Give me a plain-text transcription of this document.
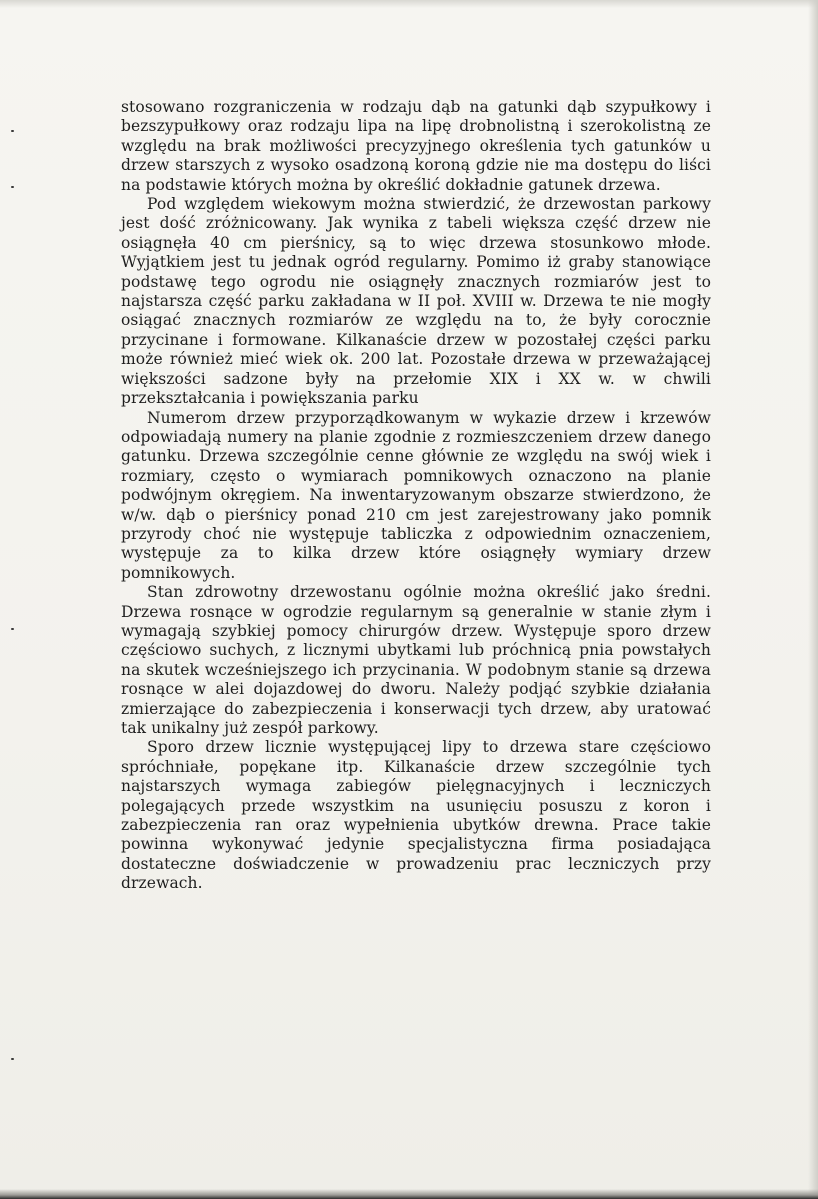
stosowano rozgraniczenia w rodzaju dąb na gatunki dąb szypułkowy i bezszypułkowy oraz rodzaju lipa na lipę drobnolistną i szerokolistną ze względu na brak możliwości precyzyjnego określenia tych gatunków u drzew starszych z wysoko osadzoną koroną gdzie nie ma dostępu do liści na podstawie których można by określić dokładnie gatunek drzewa.

Pod względem wiekowym można stwierdzić, że drzewostan parkowy jest dość zróżnicowany. Jak wynika z tabeli większa część drzew nie osiągnęła 40 cm pierśnicy, są to więc drzewa stosunkowo młode. Wyjątkiem jest tu jednak ogród regularny. Pomimo iż graby stanowiące podstawę tego ogrodu nie osiągnęły znacznych rozmiarów jest to najstarsza część parku zakładana w II poł. XVIII w. Drzewa te nie mogły osiągać znacznych rozmiarów ze względu na to, że były corocznie przycinane i formowane. Kilkanaście drzew w pozostałej części parku może również mieć wiek ok. 200 lat. Pozostałe drzewa w przeważającej większości sadzone były na przełomie XIX i XX w. w chwili przekształcania i powiększania parku

Numerom drzew przyporządkowanym w wykazie drzew i krzewów odpowiadają numery na planie zgodnie z rozmieszczeniem drzew danego gatunku. Drzewa szczególnie cenne głównie ze względu na swój wiek i rozmiary, często o wymiarach pomnikowych oznaczono na planie podwójnym okręgiem. Na inwentaryzowanym obszarze stwierdzono, że w/w. dąb o pierśnicy ponad 210 cm jest zarejestrowany jako pomnik przyrody choć nie występuje tabliczka z odpowiednim oznaczeniem, występuje za to kilka drzew które osiągnęły wymiary drzew pomnikowych.

Stan zdrowotny drzewostanu ogólnie można określić jako średni. Drzewa rosnące w ogrodzie regularnym są generalnie w stanie złym i wymagają szybkiej pomocy chirurgów drzew. Występuje sporo drzew częściowo suchych, z licznymi ubytkami lub próchnicą pnia powstałych na skutek wcześniejszego ich przycinania. W podobnym stanie są drzewa rosnące w alei dojazdowej do dworu. Należy podjąć szybkie działania zmierzające do zabezpieczenia i konserwacji tych drzew, aby uratować tak unikalny już zespół parkowy.

Sporo drzew licznie występującej lipy to drzewa stare częściowo spróchniałe, popękane itp. Kilkanaście drzew szczególnie tych najstarszych wymaga zabiegów pielęgnacyjnych i leczniczych polegających przede wszystkim na usunięciu posuszu z koron i zabezpieczenia ran oraz wypełnienia ubytków drewna. Prace takie powinna wykonywać jedynie specjalistyczna firma posiadająca dostateczne doświadczenie w prowadzeniu prac leczniczych przy drzewach.
